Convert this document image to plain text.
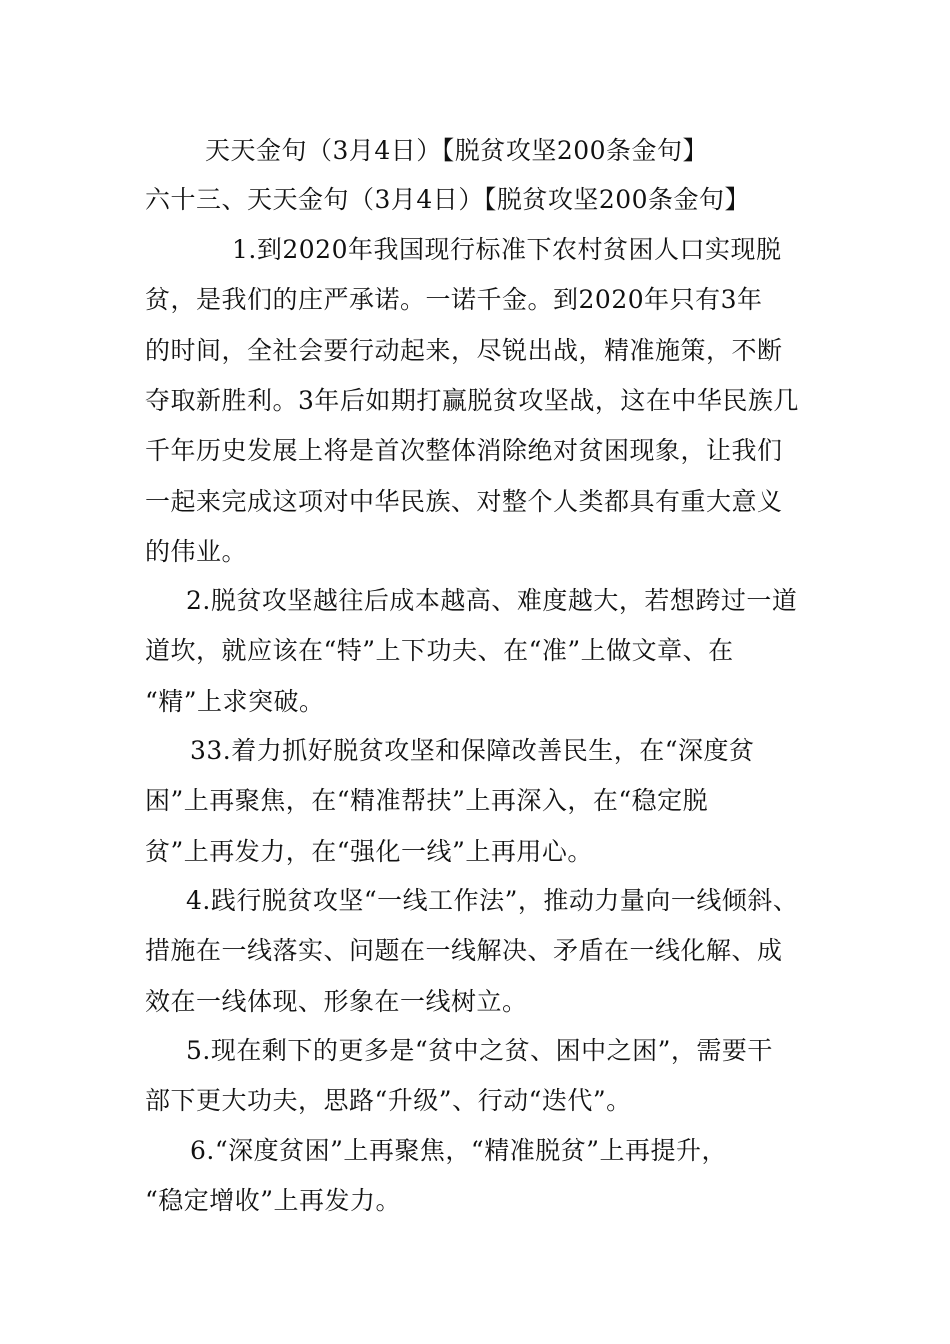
天天金句（3月4日）【脱贫攻坚200条金句】
六十三、天天金句（3月4日）【脱贫攻坚200条金句】
1.到2020年我国现行标准下农村贫困人口实现脱
贫，是我们的庄严承诺。一诺千金。到2020年只有3年
的时间，全社会要行动起来，尽锐出战，精准施策，不断
夺取新胜利。3年后如期打赢脱贫攻坚战，这在中华民族几
千年历史发展上将是首次整体消除绝对贫困现象，让我们
一起来完成这项对中华民族、对整个人类都具有重大意义
的伟业。
2.脱贫攻坚越往后成本越高、难度越大，若想跨过一道
道坎，就应该在“特”上下功夫、在“准”上做文章、在
“精”上求突破。
33.着力抓好脱贫攻坚和保障改善民生，在“深度贫
困”上再聚焦，在“精准帮扶”上再深入，在“稳定脱
贫”上再发力，在“强化一线”上再用心。
4.践行脱贫攻坚“一线工作法”，推动力量向一线倾斜、
措施在一线落实、问题在一线解决、矛盾在一线化解、成
效在一线体现、形象在一线树立。
5.现在剩下的更多是“贫中之贫、困中之困”，需要干
部下更大功夫，思路“升级”、行动“迭代”。
6.“深度贫困”上再聚焦，“精准脱贫”上再提升，
“稳定增收”上再发力。
